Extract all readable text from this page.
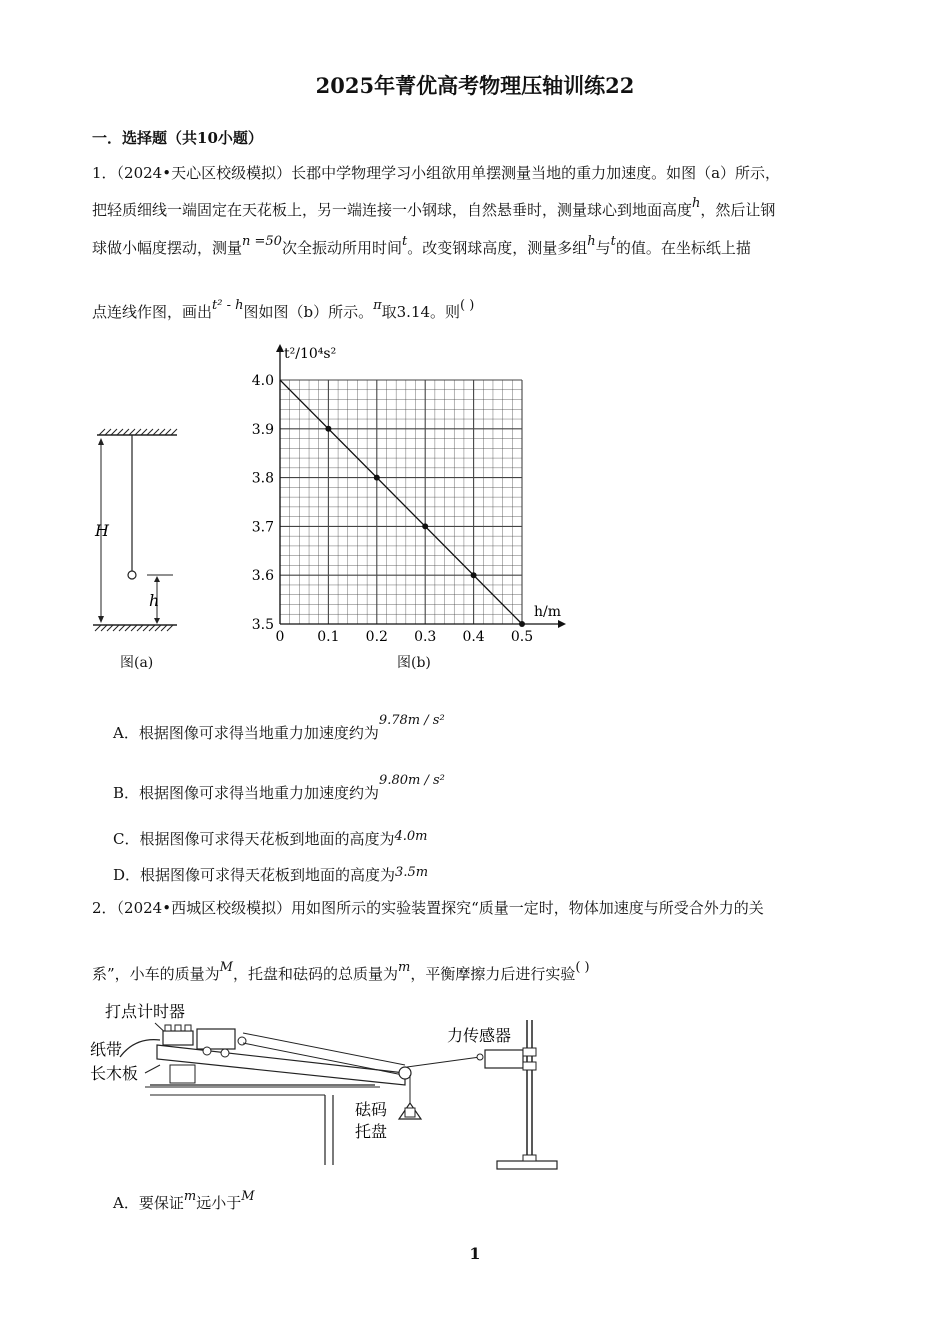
2025年菁优高考物理压轴训练22
一．选择题（共10小题）
1．（2024•天心区校级模拟）长郡中学物理学习小组欲用单摆测量当地的重力加速度。如图（a）所示，
把轻质细线一端固定在天花板上，另一端连接一小钢球，自然悬垂时，测量球心到地面高度h，然后让钢
球做小幅度摆动，测量n =50次全振动所用时间t。改变钢球高度，测量多组h与t的值。在坐标纸上描
点连线作图，画出t² - h图如图（b）所示。π取3.14。则( )
H
h
图(a)
0 0.1 0.2 0.3 0.4 0.5
3.5
3.6
3.7
3.8
3.9
4.0
t²/10⁴s²
h/m
图(b)
A．根据图像可求得当地重力加速度约为9.78m / s²
B．根据图像可求得当地重力加速度约为9.80m / s²
C．根据图像可求得天花板到地面的高度为4.0m
D．根据图像可求得天花板到地面的高度为3.5m
2．（2024•西城区校级模拟）用如图所示的实验装置探究“质量一定时，物体加速度与所受合外力的关
系”，小车的质量为M，托盘和砝码的总质量为m，平衡摩擦力后进行实验( )
打点计时器
纸带
长木板
力传感器
砝码
托盘
A．要保证m远小于M
1
